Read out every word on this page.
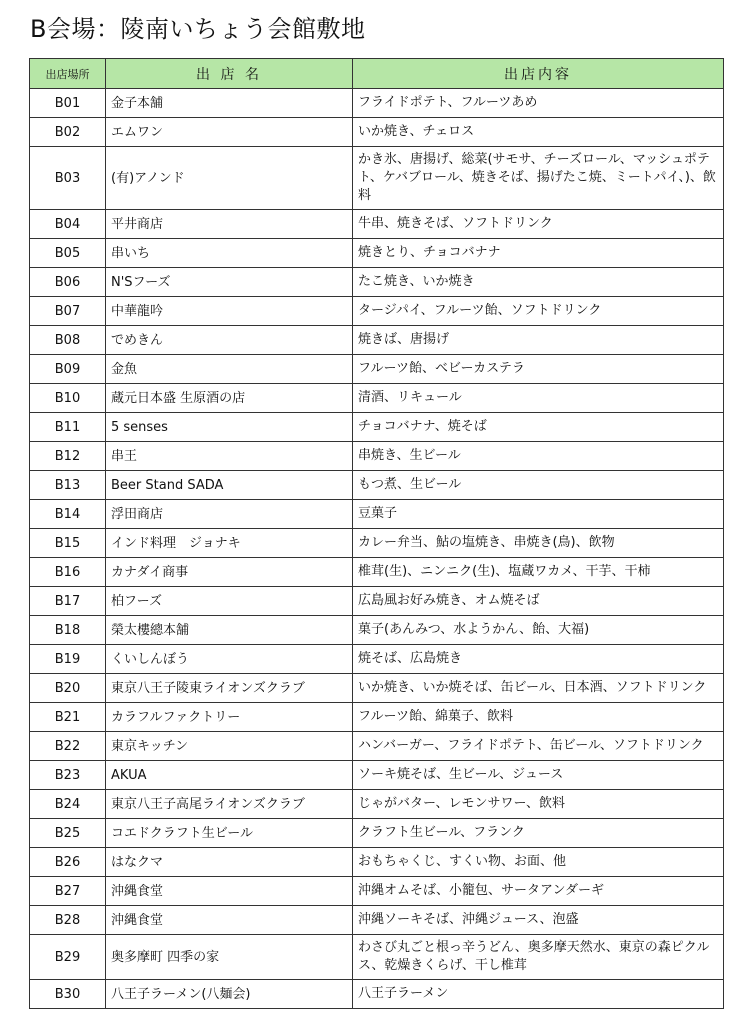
B会場：陵南いちょう会館敷地
出店場所	出 店 名	出店内容
B01	金子本舗	フライドポテト、フルーツあめ
B02	エムワン	いか焼き、チェロス
B03	(有)アノンド	かき氷、唐揚げ、総菜(サモサ、チーズロール、マッシュポテト、ケバブロール、焼きそば、揚げたこ焼、ミートパイ、)、飲料
B04	平井商店	牛串、焼きそば、ソフトドリンク
B05	串いち	焼きとり、チョコバナナ
B06	N'Sフーズ	たこ焼き、いか焼き
B07	中華龍吟	タージパイ、フルーツ飴、ソフトドリンク
B08	でめきん	焼きば、唐揚げ
B09	金魚	フルーツ飴、ベビーカステラ
B10	蔵元日本盛 生原酒の店	清酒、リキュール
B11	5 senses	チョコバナナ、焼そば
B12	串王	串焼き、生ビール
B13	Beer Stand SADA	もつ煮、生ビール
B14	浮田商店	豆菓子
B15	インド料理　ジョナキ	カレー弁当、鮎の塩焼き、串焼き(鳥)、飲物
B16	カナダイ商事	椎茸(生)、ニンニク(生)、塩蔵ワカメ、干芋、干柿
B17	柏フーズ	広島風お好み焼き、オム焼そば
B18	榮太樓總本舗	菓子(あんみつ、水ようかん、飴、大福)
B19	くいしんぼう	焼そば、広島焼き
B20	東京八王子陵東ライオンズクラブ	いか焼き、いか焼そば、缶ビール、日本酒、ソフトドリンク
B21	カラフルファクトリー	フルーツ飴、綿菓子、飲料
B22	東京キッチン	ハンバーガー、フライドポテト、缶ビール、ソフトドリンク
B23	AKUA	ソーキ焼そば、生ビール、ジュース
B24	東京八王子高尾ライオンズクラブ	じゃがバター、レモンサワー、飲料
B25	コエドクラフト生ビール	クラフト生ビール、フランク
B26	はなクマ	おもちゃくじ、すくい物、お面、他
B27	沖縄食堂	沖縄オムそば、小籠包、サータアンダーギ
B28	沖縄食堂	沖縄ソーキそば、沖縄ジュース、泡盛
B29	奥多摩町 四季の家	わさび丸ごと根っ辛うどん、奥多摩天然水、東京の森ピクルス、乾燥きくらげ、干し椎茸
B30	八王子ラーメン(八麺会)	八王子ラーメン
